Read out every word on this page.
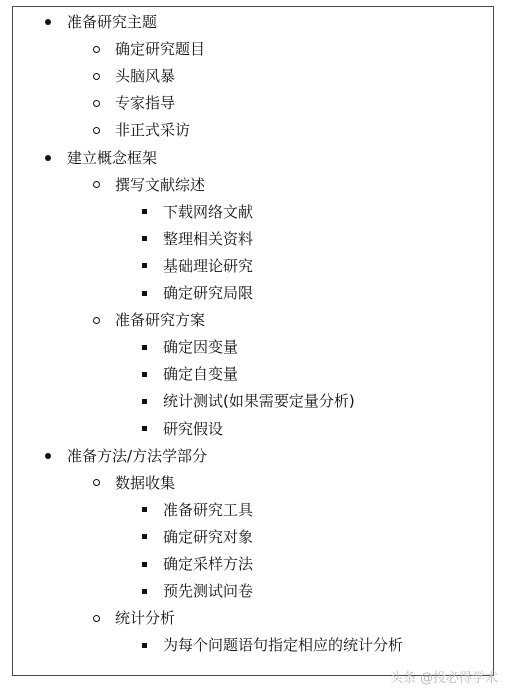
准备研究主题
确定研究题目
头脑风暴
专家指导
非正式采访
建立概念框架
撰写文献综述
下载网络文献
整理相关资料
基础理论研究
确定研究局限
准备研究方案
确定因变量
确定自变量
统计测试(如果需要定量分析)
研究假设
准备方法/方法学部分
数据收集
准备研究工具
确定研究对象
确定采样方法
预先测试问卷
统计分析
为每个问题语句指定相应的统计分析
头条 @投必得学术
